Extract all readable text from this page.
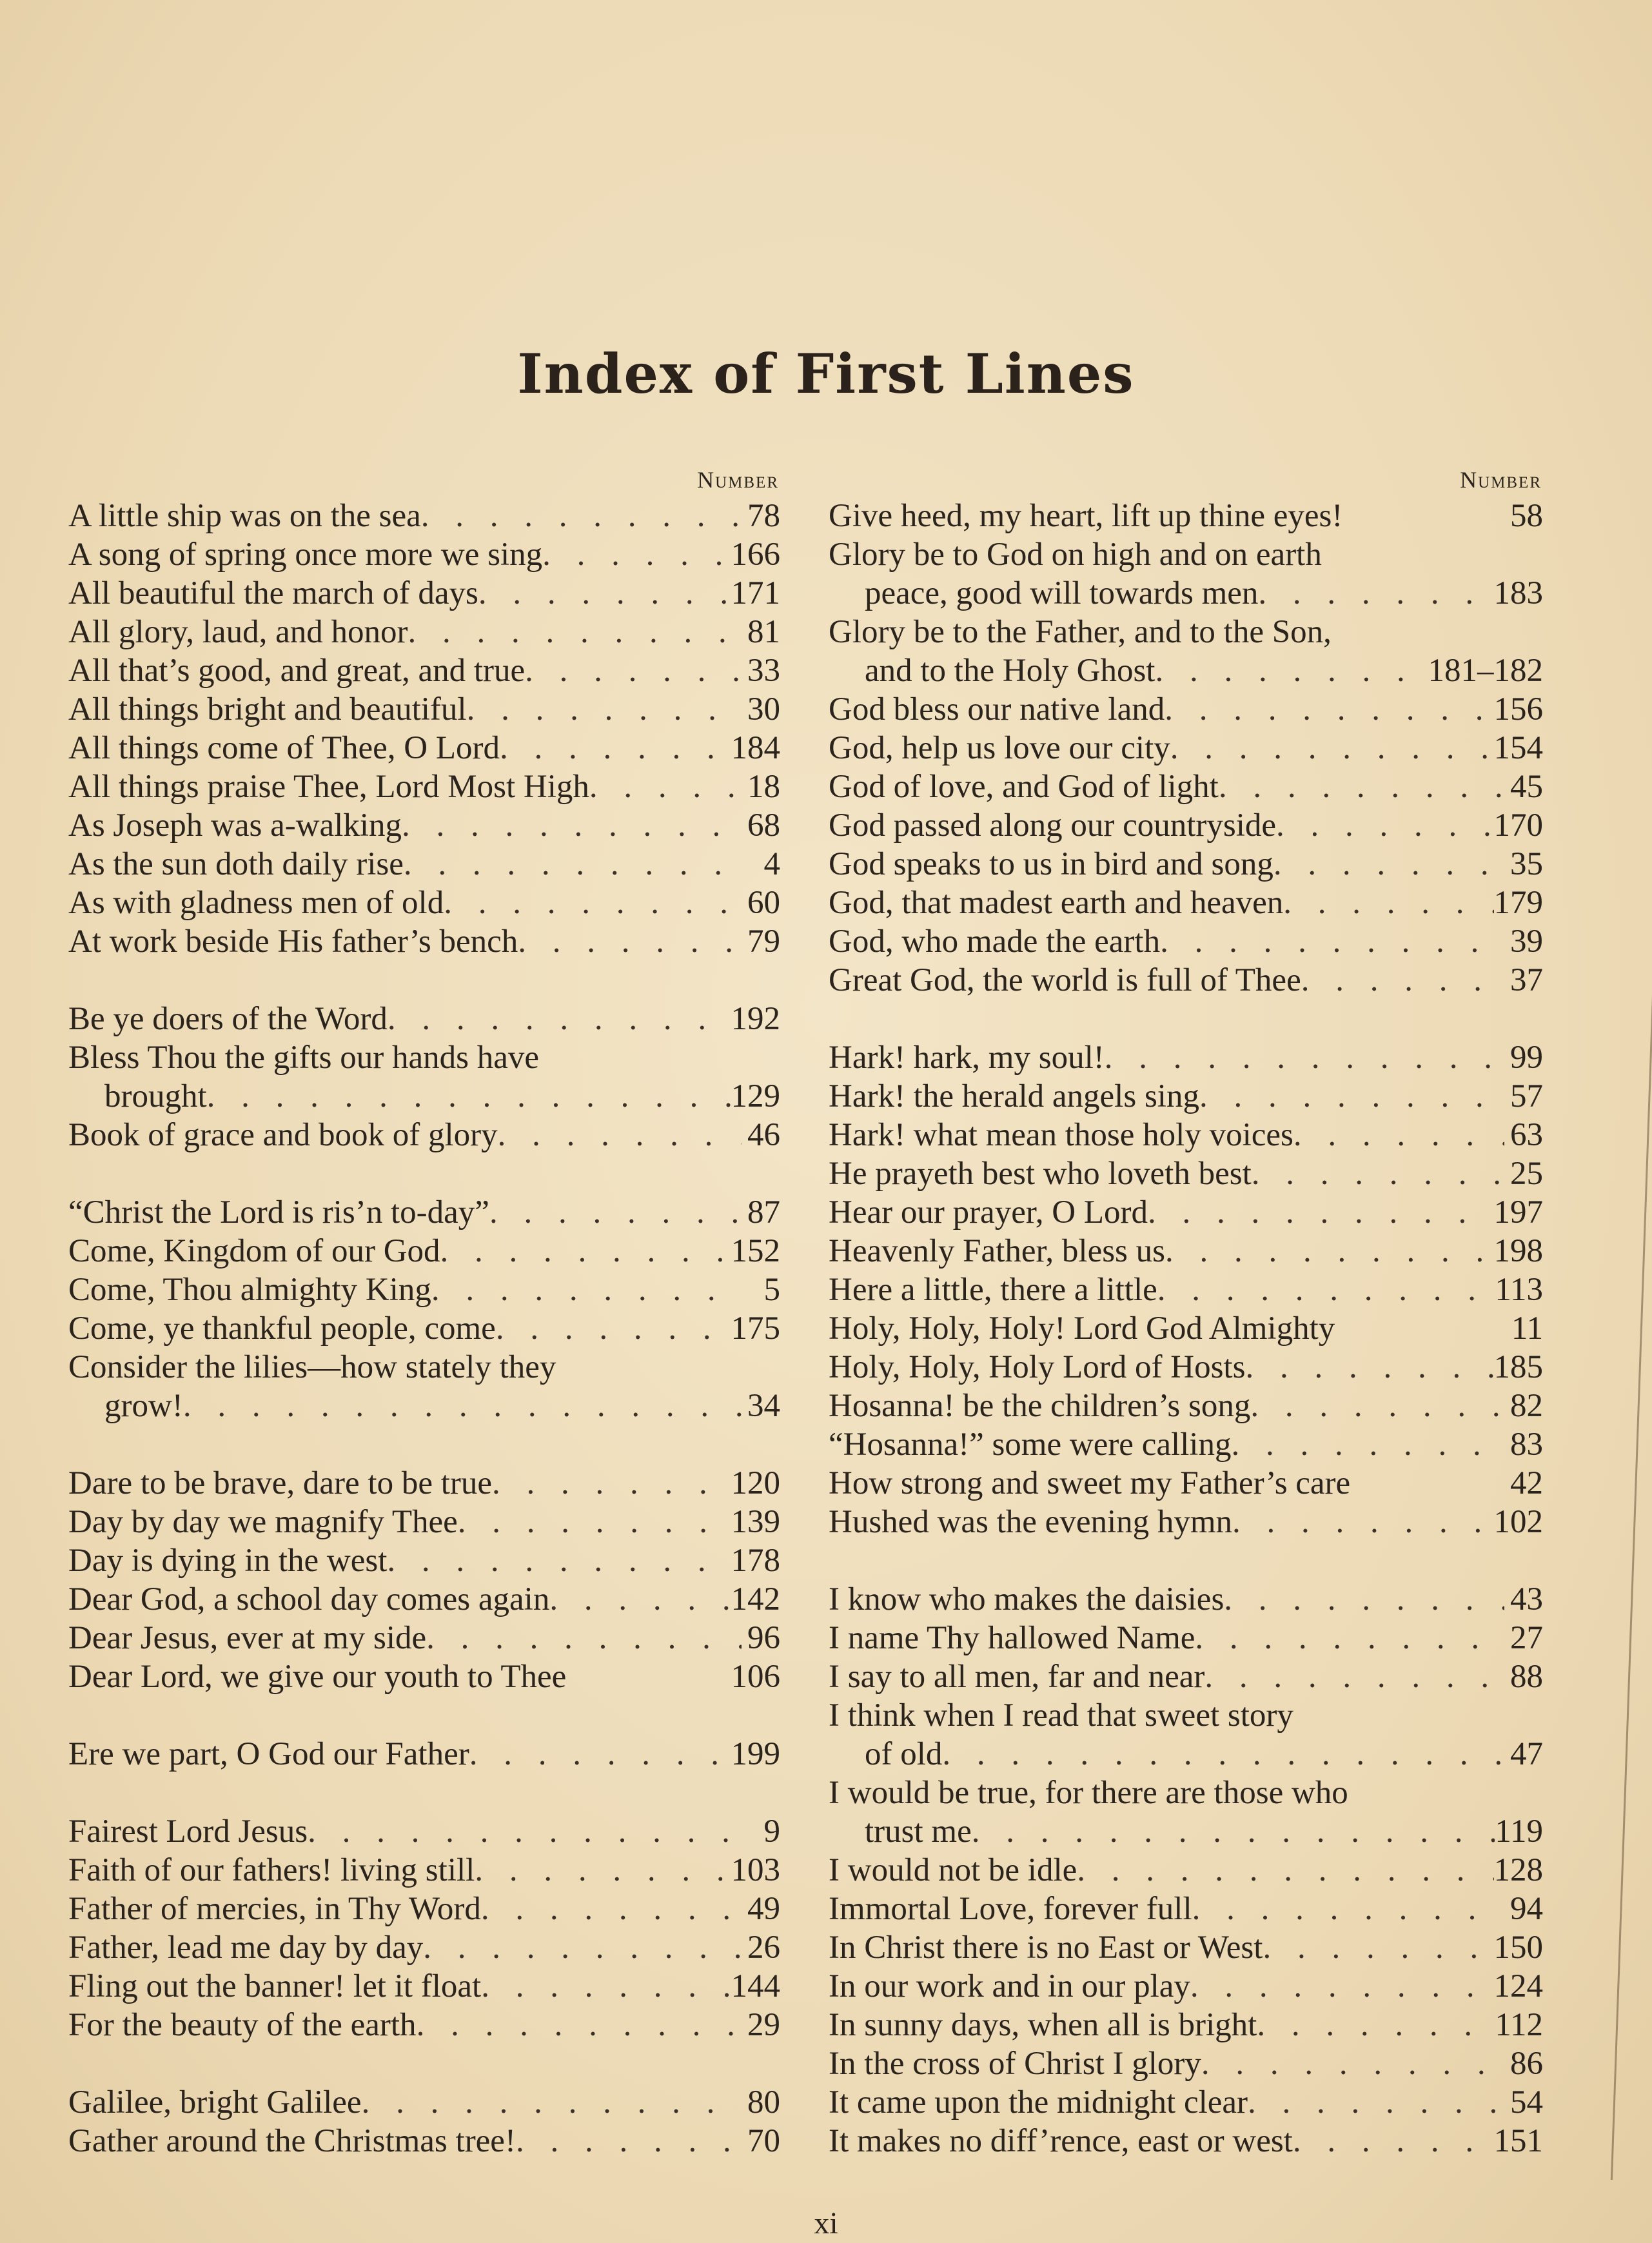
Index of First Lines
Number
A little ship was on the sea . . .	78
A song of spring once more we sing . . .	166
All beautiful the march of days . . .	171
All glory, laud, and honor . . .	81
All that’s good, and great, and true . . .	33
All things bright and beautiful . . .	30
All things come of Thee, O Lord . . .	184
All things praise Thee, Lord Most High . . .	18
As Joseph was a-walking . . .	68
As the sun doth daily rise . . .	4
As with gladness men of old . . .	60
At work beside His father’s bench . . .	79
Be ye doers of the Word . . .	192
Bless Thou the gifts our hands have
brought . . .	129
Book of grace and book of glory . . .	46
“Christ the Lord is ris’n to-day” . . .	87
Come, Kingdom of our God . . .	152
Come, Thou almighty King . . .	5
Come, ye thankful people, come . . .	175
Consider the lilies—how stately they
grow! . . .	34
Dare to be brave, dare to be true . . .	120
Day by day we magnify Thee . . .	139
Day is dying in the west . . .	178
Dear God, a school day comes again . . .	142
Dear Jesus, ever at my side . . .	96
Dear Lord, we give our youth to Thee	106
Ere we part, O God our Father . . .	199
Fairest Lord Jesus . . .	9
Faith of our fathers! living still . . .	103
Father of mercies, in Thy Word . . .	49
Father, lead me day by day . . .	26
Fling out the banner! let it float . . .	144
For the beauty of the earth . . .	29
Galilee, bright Galilee . . .	80
Gather around the Christmas tree! . . .	70
Number
Give heed, my heart, lift up thine eyes!	58
Glory be to God on high and on earth
peace, good will towards men . . .	183
Glory be to the Father, and to the Son,
and to the Holy Ghost . . .	181–182
God bless our native land . . .	156
God, help us love our city . . .	154
God of love, and God of light . . .	45
God passed along our countryside . . .	170
God speaks to us in bird and song . . .	35
God, that madest earth and heaven . . .	179
God, who made the earth . . .	39
Great God, the world is full of Thee . . .	37
Hark! hark, my soul! . . .	99
Hark! the herald angels sing . . .	57
Hark! what mean those holy voices . . .	63
He prayeth best who loveth best . . .	25
Hear our prayer, O Lord . . .	197
Heavenly Father, bless us . . .	198
Here a little, there a little . . .	113
Holy, Holy, Holy! Lord God Almighty	11
Holy, Holy, Holy Lord of Hosts . . .	185
Hosanna! be the children’s song . . .	82
“Hosanna!” some were calling . . .	83
How strong and sweet my Father’s care	42
Hushed was the evening hymn . . .	102
I know who makes the daisies . . .	43
I name Thy hallowed Name . . .	27
I say to all men, far and near . . .	88
I think when I read that sweet story
of old . . .	47
I would be true, for there are those who
trust me . . .	119
I would not be idle . . .	128
Immortal Love, forever full . . .	94
In Christ there is no East or West . . .	150
In our work and in our play . . .	124
In sunny days, when all is bright . . .	112
In the cross of Christ I glory . . .	86
It came upon the midnight clear . . .	54
It makes no diff’rence, east or west . . .	151
xi
